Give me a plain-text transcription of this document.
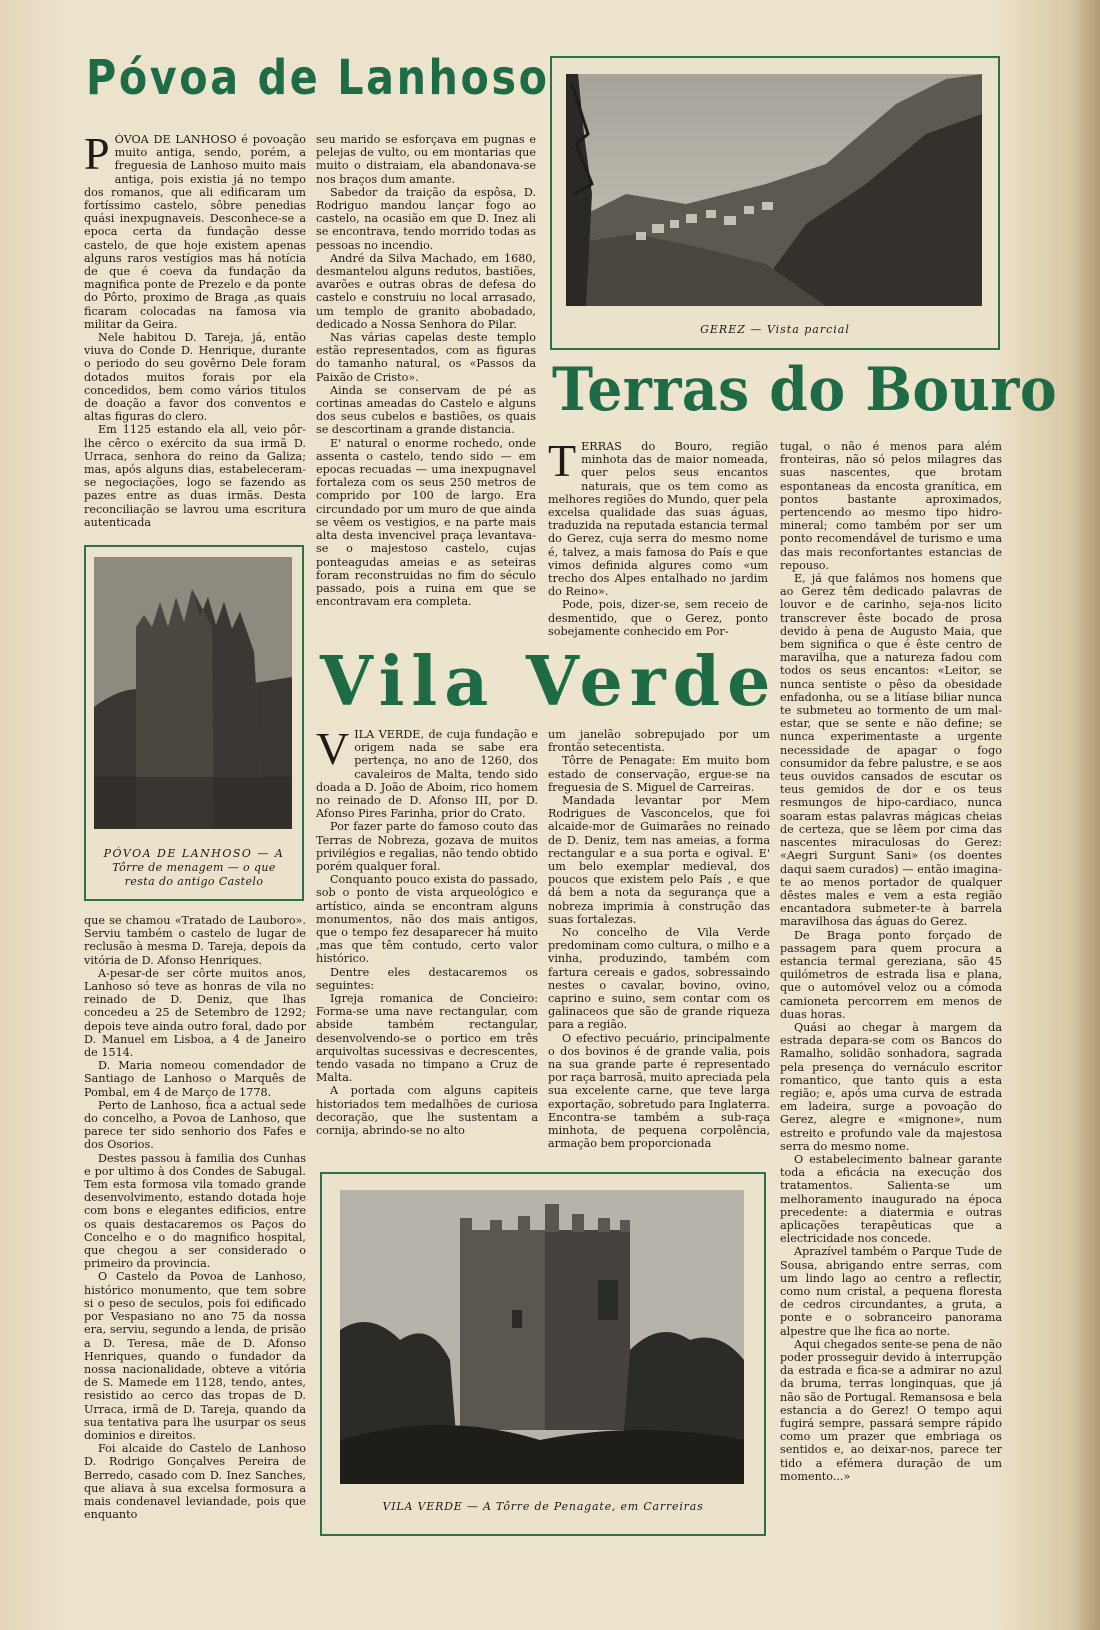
Póvoa de Lanhoso
P ÓVOA DE LANHOSO é povoação muito antiga, sendo, porém, a freguesia de Lanhoso muito mais antiga, pois existia já no tempo dos romanos, que ali edificaram um fortíssimo castelo, sôbre penedias quási inexpugnaveis. Desconhece-se a epoca certa da fundação desse castelo, de que hoje existem apenas alguns raros vestígios mas há notícia de que é coeva da fundação da magnifica ponte de Prezelo e da ponte do Pôrto, proximo de Braga ,as quais ficaram colocadas na famosa via militar da Geira.

Nele habitou D. Tareja, já, então viuva do Conde D. Henrique, durante o periodo do seu govêrno Dele foram dotados muitos forais por ela concedidos, bem como vários titulos de doação a favor dos conventos e altas figuras do clero.

Em 1125 estando ela all, veio pôr-lhe cêrco o exército da sua irmã D. Urraca, senhora do reino da Galiza; mas, após alguns dias, estabeleceram-se negociações, logo se fazendo as pazes entre as duas irmãs. Desta reconciliação se lavrou uma escritura autenticada

seu marido se esforçava em pugnas e pelejas de vulto, ou em montarias que muito o distraiam, ela abandonava-se nos braços dum amante.

Sabedor da traição da espôsa, D. Rodriguo mandou lançar fogo ao castelo, na ocasião em que D. Inez ali se encontrava, tendo morrido todas as pessoas no incendio.

André da Silva Machado, em 1680, desmantelou alguns redutos, bastiões, avarões e outras obras de defesa do castelo e construiu no local arrasado, um templo de granito abobadado, dedicado a Nossa Senhora do Pilar.

Nas várias capelas deste templo estão representados, com as figuras do tamanho natural, os «Passos da Paixão de Cristo».

Ainda se conservam de pé as cortinas ameadas do Castelo e alguns dos seus cubelos e bastiões, os quais se descortinam a grande distancia.

E' natural o enorme rochedo, onde assenta o castelo, tendo sido — em epocas recuadas — uma inexpugnavel fortaleza com os seus 250 metros de comprido por 100 de largo. Era circundado por um muro de que ainda se vêem os vestigios, e na parte mais alta desta invencivel praça levantava-se o majestoso castelo, cujas ponteagudas ameias e as seteiras foram reconstruidas no fim do século passado, pois a ruina em que se encontravam era completa.

PÓVOA DE LANHOSO — A
Tôrre de menagem — o que resta do antigo Castelo

que se chamou «Tratado de Lauboro». Serviu também o castelo de lugar de reclusão à mesma D. Tareja, depois da vitória de D. Afonso Henriques.

A-pesar-de ser côrte muitos anos, Lanhoso só teve as honras de vila no reinado de D. Deniz, que lhas concedeu a 25 de Setembro de 1292; depois teve ainda outro foral, dado por D. Manuel em Lisboa, a 4 de Janeiro de 1514.

D. Maria nomeou comendador de Santiago de Lanhoso o Marquês de Pombal, em 4 de Março de 1778.

Perto de Lanhoso, fica a actual sede do concelho, a Povoa de Lanhoso, que parece ter sido senhorio dos Fafes e dos Osorios.

Destes passou à familia dos Cunhas e por ultimo à dos Condes de Sabugal. Tem esta formosa vila tomado grande desenvolvimento, estando dotada hoje com bons e elegantes edificios, entre os quais destacaremos os Paços do Concelho e o do magnifico hospital, que chegou a ser considerado o primeiro da provincia.

O Castelo da Povoa de Lanhoso, histórico monumento, que tem sobre si o peso de seculos, pois foi edificado por Vespasiano no ano 75 da nossa era, serviu, segundo a lenda, de prisão a D. Teresa, mãe de D. Afonso Henriques, quando o fundador da nossa nacionalidade, obteve a vitória de S. Mamede em 1128, tendo, antes, resistido ao cerco das tropas de D. Urraca, irmã de D. Tareja, quando da sua tentativa para lhe usurpar os seus dominios e direitos.

Foi alcaide do Castelo de Lanhoso D. Rodrigo Gonçalves Pereira de Berredo, casado com D. Inez Sanches, que aliava à sua excelsa formosura a mais condenavel leviandade, pois que enquanto

GEREZ — Vista parcial
Terras do Bouro
T ERRAS do Bouro, região minhota das de maior nomeada, quer pelos seus encantos naturais, que os tem como as melhores regiões do Mundo, quer pela excelsa qualidade das suas águas, traduzida na reputada estancia termal do Gerez, cuja serra do mesmo nome é, talvez, a mais famosa do País e que vimos definida algures como «um trecho dos Alpes entalhado no jardim do Reino».

Pode, pois, dizer-se, sem receio de desmentido, que o Gerez, ponto sobejamente conhecido em Por-

tugal, o não é menos para além fronteiras, não só pelos milagres das suas nascentes, que brotam espontaneas da encosta granítica, em pontos bastante aproximados, pertencendo ao mesmo tipo hidro-mineral; como também por ser um ponto recomendável de turismo e uma das mais reconfortantes estancias de repouso.

E, já que falámos nos homens que ao Gerez têm dedicado palavras de louvor e de carinho, seja-nos licito transcrever êste bocado de prosa devido à pena de Augusto Maia, que bem significa o que é êste centro de maravilha, que a natureza fadou com todos os seus encantos: «Leitor, se nunca sentiste o pêso da obesidade enfadonha, ou se a litíase biliar nunca te submeteu ao tormento de um mal-estar, que se sente e não define; se nunca experimentaste a urgente necessidade de apagar o fogo consumidor da febre palustre, e se aos teus ouvidos cansados de escutar os teus gemidos de dor e os teus resmungos de hipo-cardiaco, nunca soaram estas palavras mágicas cheias de certeza, que se lêem por cima das nascentes miraculosas do Gerez: «Aegri Surgunt Sani» (os doentes daqui saem curados) — então imagina-te ao menos portador de qualquer dêstes males e vem a esta região encantadora submeter-te à barrela maravilhosa das águas do Gerez.

De Braga ponto forçado de passagem para quem procura a estancia termal gereziana, são 45 quilómetros de estrada lisa e plana, que o automóvel veloz ou a cómoda camioneta percorrem em menos de duas horas.

Quási ao chegar à margem da estrada depara-se com os Bancos do Ramalho, solidão sonhadora, sagrada pela presença do vernáculo escritor romantico, que tanto quis a esta região; e, após uma curva de estrada em ladeira, surge a povoação do Gerez, alegre e «mignone», num estreito e profundo vale da majestosa serra do mesmo nome.

O estabelecimento balnear garante toda a eficácia na execução dos tratamentos. Salienta-se um melhoramento inaugurado na época precedente: a diatermia e outras aplicações terapêuticas que a electricidade nos concede.

Aprazível também o Parque Tude de Sousa, abrigando entre serras, com um lindo lago ao centro a reflectir, como num cristal, a pequena floresta de cedros circundantes, a gruta, a ponte e o sobranceiro panorama alpestre que lhe fica ao norte.

Aqui chegados sente-se pena de não poder prosseguir devido à interrupção da estrada e fica-se a admirar no azul da bruma, terras longinquas, que já não são de Portugal. Remansosa e bela estancia a do Gerez! O tempo aqui fugirá sempre, passará sempre rápido como um prazer que embriaga os sentidos e, ao deixar-nos, parece ter tido a efémera duração de um momento...»

Vila Verde
V ILA VERDE, de cuja fundação e origem nada se sabe era pertença, no ano de 1260, dos cavaleiros de Malta, tendo sido doada a D. João de Aboim, rico homem no reinado de D. Afonso III, por D. Afonso Pires Farinha, prior do Crato.

Por fazer parte do famoso couto das Terras de Nobreza, gozava de muitos privilégios e regalias, não tendo obtido porém qualquer foral.

Conquanto pouco exista do passado, sob o ponto de vista arqueológico e artístico, ainda se encontram alguns monumentos, não dos mais antigos, que o tempo fez desaparecer há muito ,mas que têm contudo, certo valor histórico.

Dentre eles destacaremos os seguintes:

Igreja romanica de Concieiro: Forma-se uma nave rectangular, com abside também rectangular, desenvolvendo-se o portico em três arquivoltas sucessivas e decrescentes, tendo vasada no timpano a Cruz de Malta.

A portada com alguns capiteis historiados tem medalhões de curiosa decoração, que lhe sustentam a cornija, abrindo-se no alto

um janelão sobrepujado por um frontão setecentista.

Tôrre de Penagate: Em muito bom estado de conservação, ergue-se na freguesia de S. Miguel de Carreiras.

Mandada levantar por Mem Rodrigues de Vasconcelos, que foi alcaide-mor de Guimarães no reinado de D. Deniz, tem nas ameias, a forma rectangular e a sua porta e ogival. E' um belo exemplar medieval, dos poucos que existem pelo País , e que dá bem a nota da segurança que a nobreza imprimia à construção das suas fortalezas.

No concelho de Vila Verde predominam como cultura, o milho e a vinha, produzindo, também com fartura cereais e gados, sobressaindo nestes o cavalar, bovino, ovino, caprino e suino, sem contar com os galinaceos que são de grande riqueza para a região.

O efectivo pecuário, principalmente o dos bovinos é de grande valia, pois na sua grande parte é representado por raça barrosã, muito apreciada pela sua excelente carne, que teve larga exportação, sobretudo para Inglaterra. Encontra-se também a sub-raça minhota, de pequena corpolência, armação bem proporcionada

VILA VERDE — A Tôrre de Penagate, em Carreiras
